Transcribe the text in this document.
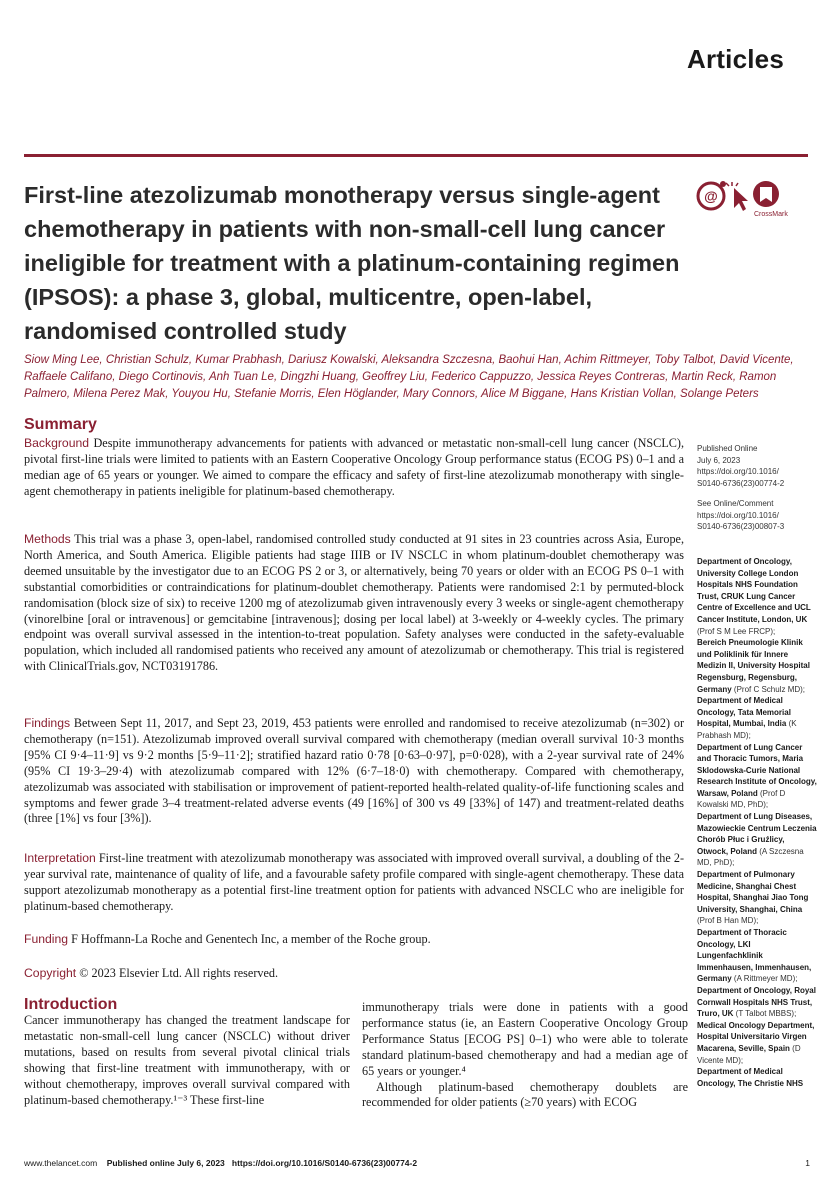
Articles
First-line atezolizumab monotherapy versus single-agent chemotherapy in patients with non-small-cell lung cancer ineligible for treatment with a platinum-containing regimen (IPSOS): a phase 3, global, multicentre, open-label, randomised controlled study
@
CrossMark

Siow Ming Lee, Christian Schulz, Kumar Prabhash, Dariusz Kowalski, Aleksandra Szczesna, Baohui Han, Achim Rittmeyer, Toby Talbot, David Vicente, Raffaele Califano, Diego Cortinovis, Anh Tuan Le, Dingzhi Huang, Geoffrey Liu, Federico Cappuzzo, Jessica Reyes Contreras, Martin Reck, Ramon Palmero, Milena Perez Mak, Youyou Hu, Stefanie Morris, Elen Höglander, Mary Connors, Alice M Biggane, Hans Kristian Vollan, Solange Peters

Summary

Background Despite immunotherapy advancements for patients with advanced or metastatic non-small-cell lung cancer (NSCLC), pivotal first-line trials were limited to patients with an Eastern Cooperative Oncology Group performance status (ECOG PS) 0–1 and a median age of 65 years or younger. We aimed to compare the efficacy and safety of first-line atezolizumab monotherapy with single-agent chemotherapy in patients ineligible for platinum-based chemotherapy.

Methods This trial was a phase 3, open-label, randomised controlled study conducted at 91 sites in 23 countries across Asia, Europe, North America, and South America. Eligible patients had stage IIIB or IV NSCLC in whom platinum-doublet chemotherapy was deemed unsuitable by the investigator due to an ECOG PS 2 or 3, or alternatively, being 70 years or older with an ECOG PS 0–1 with substantial comorbidities or contraindications for platinum-doublet chemotherapy. Patients were randomised 2:1 by permuted-block randomisation (block size of six) to receive 1200 mg of atezolizumab given intravenously every 3 weeks or single-agent chemotherapy (vinorelbine [oral or intravenous] or gemcitabine [intravenous]; dosing per local label) at 3-weekly or 4-weekly cycles. The primary endpoint was overall survival assessed in the intention-to-treat population. Safety analyses were conducted in the safety-evaluable population, which included all randomised patients who received any amount of atezolizumab or chemotherapy. This trial is registered with ClinicalTrials.gov, NCT03191786.

Findings Between Sept 11, 2017, and Sept 23, 2019, 453 patients were enrolled and randomised to receive atezolizumab (n=302) or chemotherapy (n=151). Atezolizumab improved overall survival compared with chemotherapy (median overall survival 10·3 months [95% CI 9·4–11·9] vs 9·2 months [5·9–11·2]; stratified hazard ratio 0·78 [0·63–0·97], p=0·028), with a 2-year survival rate of 24% (95% CI 19·3–29·4) with atezolizumab compared with 12% (6·7–18·0) with chemotherapy. Compared with chemotherapy, atezolizumab was associated with stabilisation or improvement of patient-reported health-related quality-of-life functioning scales and symptoms and fewer grade 3–4 treatment-related adverse events (49 [16%] of 300 vs 49 [33%] of 147) and treatment-related deaths (three [1%] vs four [3%]).

Interpretation First-line treatment with atezolizumab monotherapy was associated with improved overall survival, a doubling of the 2-year survival rate, maintenance of quality of life, and a favourable safety profile compared with single-agent chemotherapy. These data support atezolizumab monotherapy as a potential first-line treatment option for patients with advanced NSCLC who are ineligible for platinum-based chemotherapy.

Funding F Hoffmann-La Roche and Genentech Inc, a member of the Roche group.

Copyright © 2023 Elsevier Ltd. All rights reserved.

Published Online
July 6, 2023
https://doi.org/10.1016/
S0140-6736(23)00774-2
See Online/Comment
https://doi.org/10.1016/
S0140-6736(23)00807-3

Department of Oncology, University College London Hospitals NHS Foundation Trust, CRUK Lung Cancer Centre of Excellence and UCL Cancer Institute, London, UK (Prof S M Lee FRCP);

Bereich Pneumologie Klinik und Poliklinik für Innere Medizin II, University Hospital Regensburg, Regensburg, Germany (Prof C Schulz MD);

Department of Medical Oncology, Tata Memorial Hospital, Mumbai, India (K Prabhash MD);

Department of Lung Cancer and Thoracic Tumors, Maria Sklodowska-Curie National Research Institute of Oncology, Warsaw, Poland (Prof D Kowalski MD, PhD);

Department of Lung Diseases, Mazowieckie Centrum Leczenia Chorób Płuc i Gruźlicy, Otwock, Poland (A Szczesna MD, PhD);

Department of Pulmonary Medicine, Shanghai Chest Hospital, Shanghai Jiao Tong University, Shanghai, China (Prof B Han MD);

Department of Thoracic Oncology, LKI Lungenfachklinik Immenhausen, Immenhausen, Germany (A Rittmeyer MD);

Department of Oncology, Royal Cornwall Hospitals NHS Trust, Truro, UK (T Talbot MBBS);

Medical Oncology Department, Hospital Universitario Virgen Macarena, Seville, Spain (D Vicente MD);

Department of Medical Oncology, The Christie NHS

Introduction

Cancer immunotherapy has changed the treatment landscape for metastatic non-small-cell lung cancer (NSCLC) without driver mutations, based on results from several pivotal clinical trials showing that first-line treatment with immunotherapy, with or without chemotherapy, improves overall survival compared with platinum-based chemotherapy.¹⁻³ These first-line

immunotherapy trials were done in patients with a good performance status (ie, an Eastern Cooperative Oncology Group Performance Status [ECOG PS] 0–1) who were able to tolerate standard platinum-based chemotherapy and had a median age of 65 years or younger.⁴
Although platinum-based chemotherapy doublets are recommended for older patients (≥70 years) with ECOG
www.thelancet.com Published online July 6, 2023 https://doi.org/10.1016/S0140-6736(23)00774-2	1
